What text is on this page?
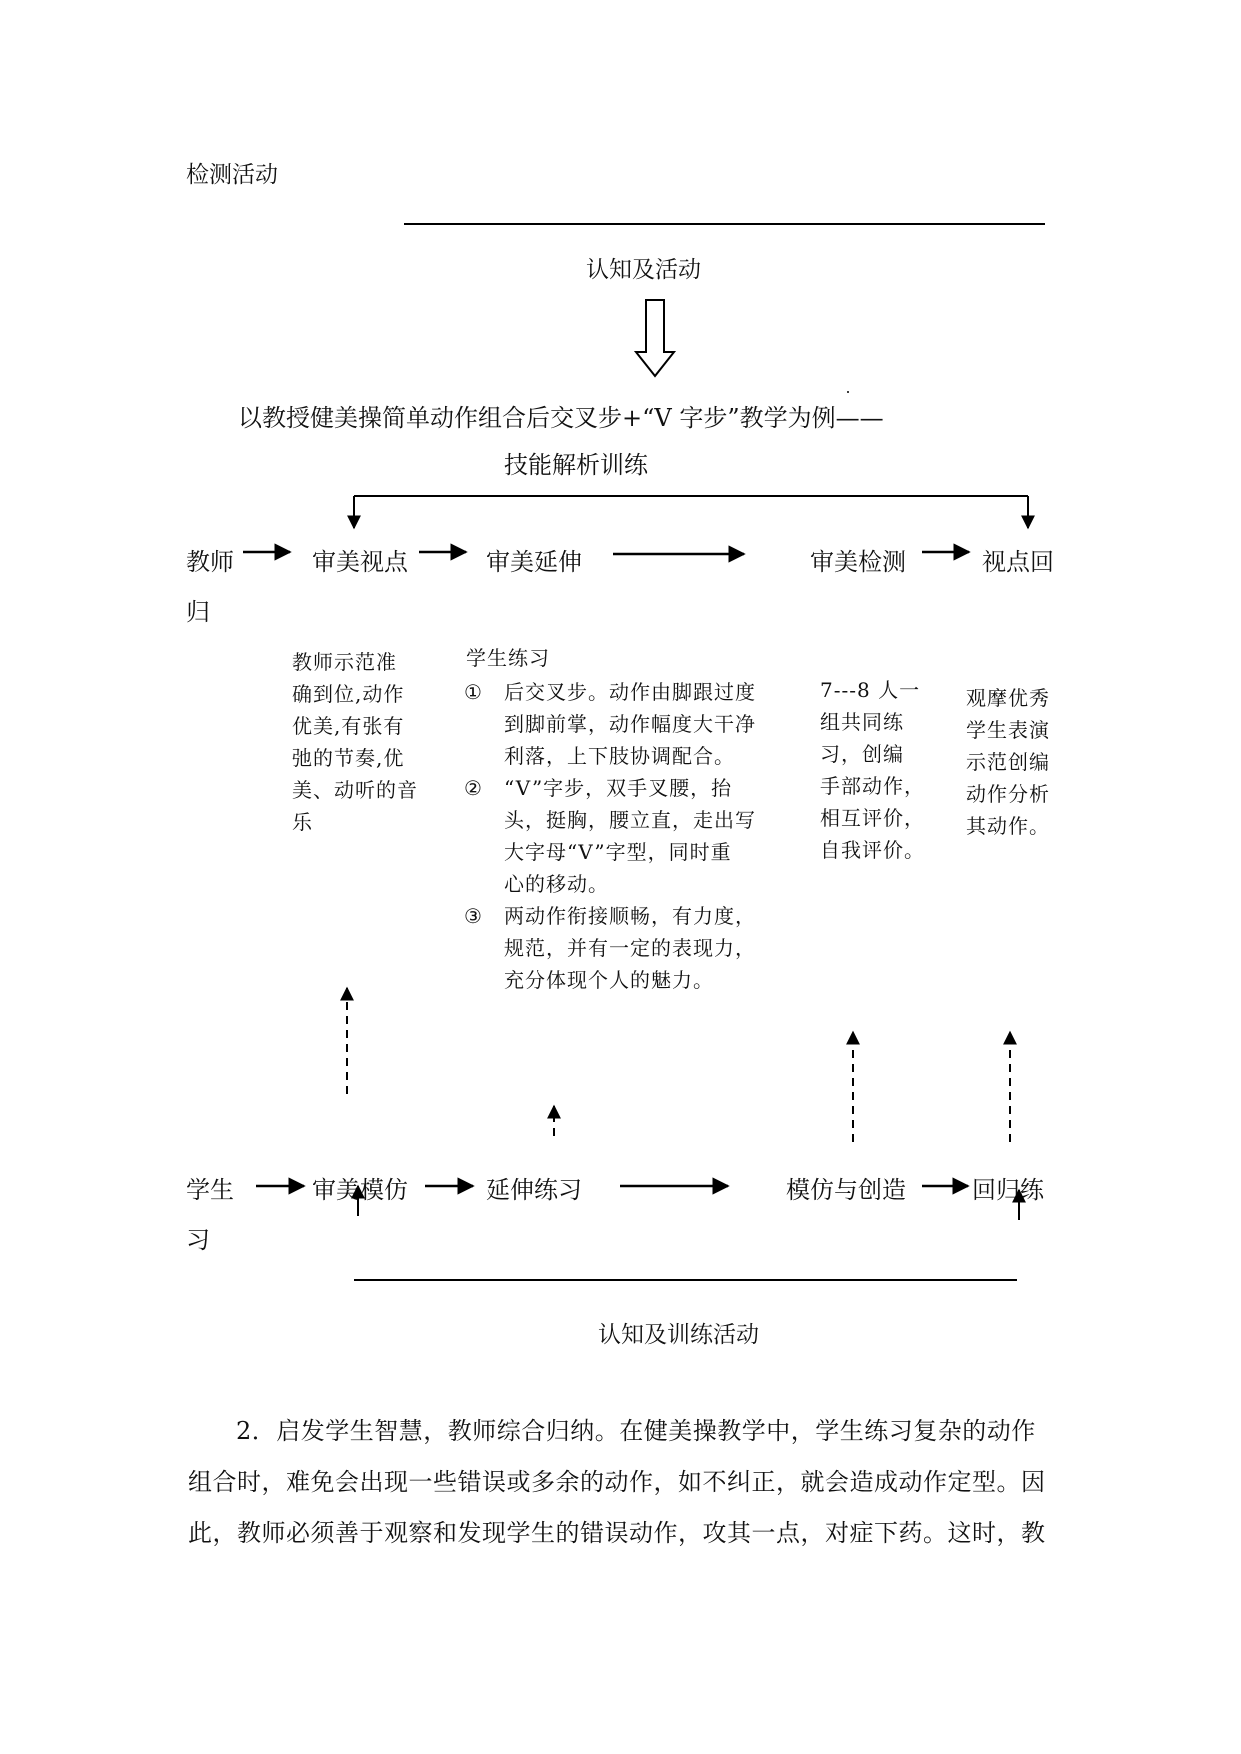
检测活动
认知及活动
以教授健美操简单动作组合后交叉步+“V 字步”教学为例——
技能解析训练
教师	审美视点	审美延伸	审美检测	视点回
归
教师示范准
确到位,动作
优美,有张有
弛的节奏,优
美、动听的音
乐
学生练习
①	后交叉步。动作由脚跟过度
到脚前掌，动作幅度大干净
利落，上下肢协调配合。
②	“V”字步，双手叉腰，抬
头，挺胸，腰立直，走出写
大字母“V”字型，同时重
心的移动。
③	两动作衔接顺畅，有力度，
规范，并有一定的表现力，
充分体现个人的魅力。
7---8 人一
组共同练
习，创编
手部动作，
相互评价，
自我评价。
观摩优秀
学生表演
示范创编
动作分析
其动作。
学生	审美模仿	延伸练习	模仿与创造	回归练
习
认知及训练活动
2．启发学生智慧，教师综合归纳。在健美操教学中，学生练习复杂的动作
组合时，难免会出现一些错误或多余的动作，如不纠正，就会造成动作定型。因
此，教师必须善于观察和发现学生的错误动作，攻其一点，对症下药。这时，教
